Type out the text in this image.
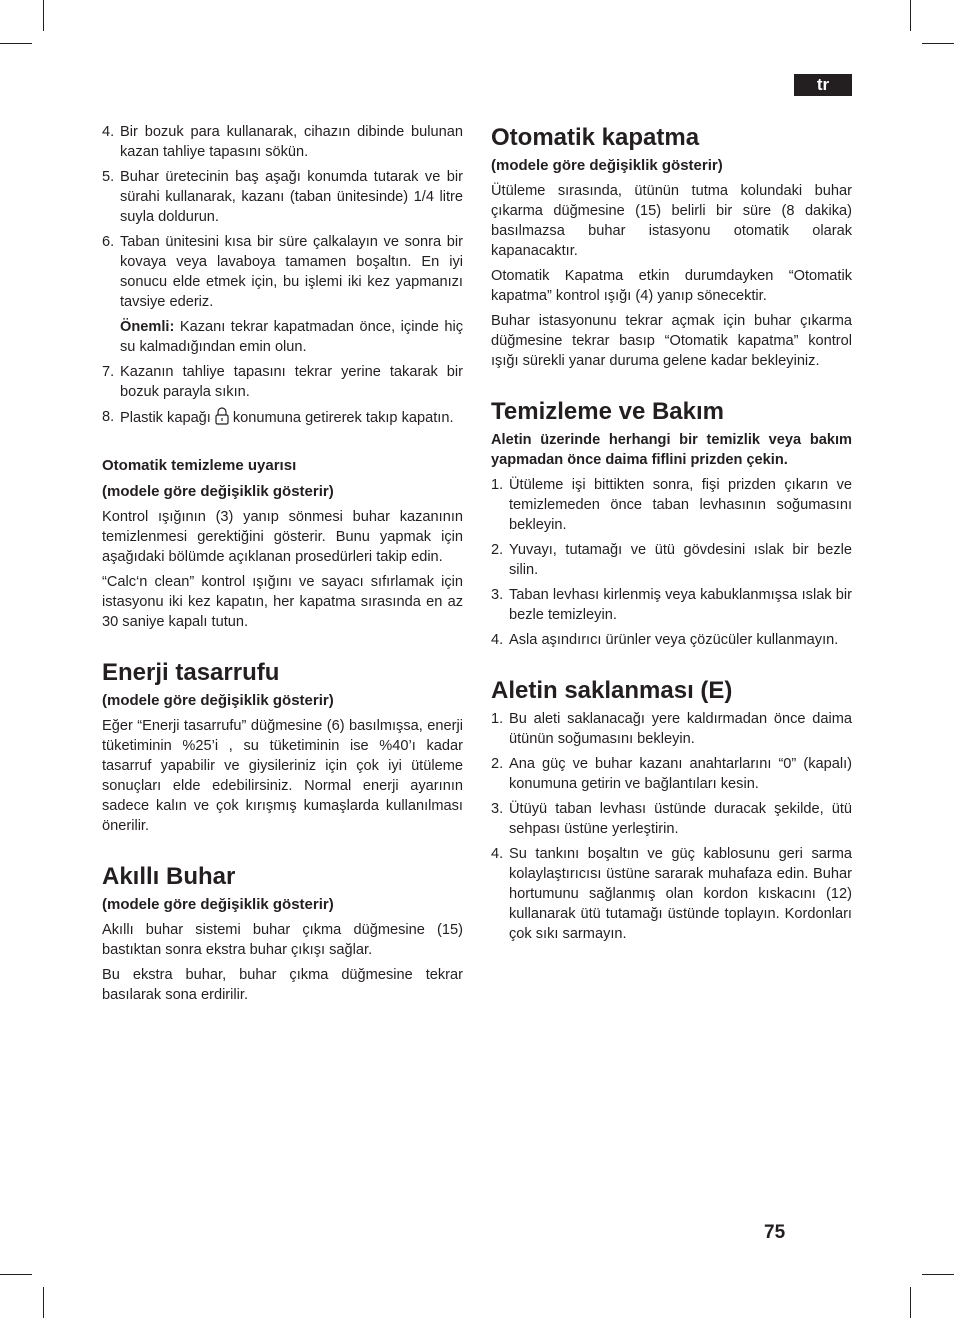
tr
4. Bir bozuk para kullanarak, cihazın dibinde bulunan kazan tahliye tapasını sökün.
5. Buhar üretecinin baş aşağı konumda tutarak ve bir sürahi kullanarak, kazanı (taban ünitesinde) 1/4 litre suyla doldurun.
6. Taban ünitesini kısa bir süre çalkalayın ve sonra bir kovaya veya lavaboya tamamen boşaltın. En iyi sonucu elde etmek için, bu işlemi iki kez yapmanızı tavsiye ederiz.

Önemli: Kazanı tekrar kapatmadan önce, içinde hiç su kalmadığından emin olun.

7. Kazanın tahliye tapasını tekrar yerine takarak bir bozuk parayla sıkın.
8. Plastik kapağı konumuna getirerek takıp kapatın.
Otomatik temizleme uyarısı
(modele göre değişiklik gösterir)

Kontrol ışığının (3) yanıp sönmesi buhar kazanının temizlenmesi gerektiğini gösterir. Bunu yapmak için aşağıdaki bölümde açıklanan prosedürleri takip edin.

“Calc‘n clean” kontrol ışığını ve sayacı sıfırlamak için istasyonu iki kez kapatın, her kapatma sırasında en az 30 saniye kapalı tutun.

Enerji tasarrufu
(modele göre değişiklik gösterir)

Eğer “Enerji tasarrufu” düğmesine (6) basılmışsa, enerji tüketiminin %25’i , su tüketiminin ise %40’ı kadar tasarruf yapabilir ve giysileriniz için çok iyi ütüleme sonuçları elde edebilirsiniz. Normal enerji ayarının sadece kalın ve çok kırışmış kumaşlarda kullanılması önerilir.

Akıllı Buhar
(modele göre değişiklik gösterir)

Akıllı buhar sistemi buhar çıkma düğmesine (15) bastıktan sonra ekstra buhar çıkışı sağlar.

Bu ekstra buhar, buhar çıkma düğmesine tekrar basılarak sona erdirilir.

Otomatik kapatma
(modele göre değişiklik gösterir)

Ütüleme sırasında, ütünün tutma kolundaki buhar çıkarma düğmesine (15) belirli bir süre (8 dakika) basılmazsa buhar istasyonu otomatik olarak kapanacaktır.

Otomatik Kapatma etkin durumdayken “Otomatik kapatma” kontrol ışığı (4) yanıp sönecektir.

Buhar istasyonunu tekrar açmak için buhar çıkarma düğmesine tekrar basıp “Otomatik kapatma” kontrol ışığı sürekli yanar duruma gelene kadar bekleyiniz.

Temizleme ve Bakım

Aletin üzerinde herhangi bir temizlik veya bakım yapmadan önce daima fiflini prizden çekin.

1. Ütüleme işi bittikten sonra, fişi prizden çıkarın ve temizlemeden önce taban levhasının soğumasını bekleyin.
2. Yuvayı, tutamağı ve ütü gövdesini ıslak bir bezle silin.
3. Taban levhası kirlenmiş veya kabuklanmışsa ıslak bir bezle temizleyin.
4. Asla aşındırıcı ürünler veya çözücüler kullanmayın.
Aletin saklanması (E)
1. Bu aleti saklanacağı yere kaldırmadan önce daima ütünün soğumasını bekleyin.
2. Ana güç ve buhar kazanı anahtarlarını “0” (kapalı) konumuna getirin ve bağlantıları kesin.
3. Ütüyü taban levhası üstünde duracak şekilde, ütü sehpası üstüne yerleştirin.
4. Su tankını boşaltın ve güç kablosunu geri sarma kolaylaştırıcısı üstüne sararak muhafaza edin. Buhar hortumunu sağlanmış olan kordon kıskacını (12) kullanarak ütü tutamağı üstünde toplayın. Kordonları çok sıkı sarmayın.
75
